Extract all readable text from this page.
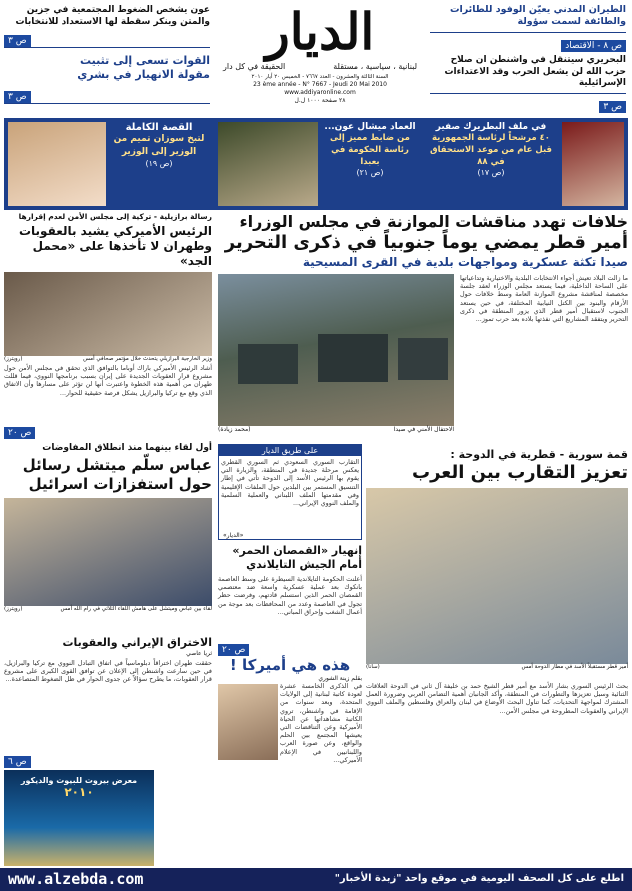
الطيران المدني يعيّن الوفود للطائرات
والطائفة لسمت سؤولة
ص ٨ - الاقتصاد
البحريري سيتنقل في واشنطن ان صلاح حزب الله لن يشعل الحرب وقد الاعتداءات الإسرائيلية
ص ٣
الديار
لبنانية ، سياسية ، مستقلة
الحقيقة في كل دار
السنة الثالثة والعشرون - العدد ٧٦٦٧ - الخميس ٢٠ أيار ٢٠١٠
23 ème année - N° 7667 - Jeudi 20 Mai 2010
www.addiyaronline.com
٢٨ صفحة ١٠٠٠ ل.ل
عون يشخص الضغوط المجتمعية في جزين
والمتن وينكر سقطة لها الاستعداد للانتخابات
ص ٣
القوات تسعى إلى تثبيت
مقولة الانهيار في بشري
ص ٣
في ملف البطريرك صفير
٤٠ مرشحاً لرئاسة الجمهورية قبل عام من موعد الاستحقاق في ٨٨
(ص ١٧)
العماد ميشال عون...
من ضابط مميز إلى رئاسة الحكومة في بعبدا
(ص ٢١)
القصة الكاملة
لتبخ سوزان تميم من الوزير إلى الوزير
(ص ١٩)
خلافات تهدد مناقشات الموازنة في مجلس الوزراء
أمير قطر يمضي يوماً جنوبياً في ذكرى التحرير
صيدا تكثة عسكرية ومواجهات بلدية في القرى المسيحية
ما زالت البلاد تعيش أجواء الانتخابات البلدية والاختيارية وتداعياتها على الساحة الداخلية، فيما يستعد مجلس الوزراء لعقد جلسة مخصصة لمناقشة مشروع الموازنة العامة وسط خلافات حول الأرقام والبنود بين الكتل النيابية المختلفة، في حين يستعد الجنوب لاستقبال أمير قطر الذي يزور المنطقة في ذكرى التحرير ويتفقد المشاريع التي نفذتها بلاده بعد حرب تموز...
الاحتفال الأمني في صيدا
(محمد زيادة)
رسالة برازيلية - تركية إلى مجلس الأمن لعدم إقرارها
الرئيس الأميركي يشيد بالعقوبات وطهران لا تأخذها على «محمل الجد»
وزير الخارجية البرازيلي يتحدث خلال مؤتمر صحافي أمس
(رويترز)
أشاد الرئيس الأميركي باراك أوباما بالتوافق الذي تحقق في مجلس الأمن حول مشروع قرار العقوبات الجديدة على إيران بسبب برنامجها النووي، فيما قللت طهران من أهمية هذه الخطوة واعتبرت أنها لن تؤثر على مسارها وأن الاتفاق الذي وقع مع تركيا والبرازيل يشكل فرصة حقيقية للحوار...
ص ٢٠
على طريق الديار
التقارب السوري السعودي ثم السوري القطري يعكس مرحلة جديدة في المنطقة، والزيارة التي يقوم بها الرئيس الأسد إلى الدوحة تأتي في إطار التنسيق المستمر بين البلدين حول الملفات الإقليمية وفي مقدمتها الملف اللبناني والعملية السلمية والملف النووي الإيراني...
«الديار»
قمة سورية - قطرية في الدوحة :
تعزيز التقارب بين العرب
أمير قطر مستقبلاً الأسد في مطار الدوحة أمس
(سانا)
أول لقاء بينهما منذ انطلاق المفاوضات
عباس سلّم ميتشل رسائل حول استفزازات اسرائيل
لقاء بين عباس وميتشل على هامش اللقاء الثلاثي في رام الله أمس
(رويترز)
إنهيار «القمصان الحمر» أمام الجيش التايلاندي
أعلنت الحكومة التايلاندية السيطرة على وسط العاصمة بانكوك بعد عملية عسكرية واسعة ضد معتصمي القمصان الحمر الذين استسلم قادتهم، وفرضت حظر تجول في العاصمة وعدد من المحافظات بعد موجة من أعمال الشغب وإحراق المباني...
ص ٢٠
بحث الرئيس السوري بشار الأسد مع أمير قطر الشيخ حمد بن خليفة آل ثاني في الدوحة العلاقات الثنائية وسبل تعزيزها والتطورات في المنطقة، وأكد الجانبان أهمية التضامن العربي وضرورة العمل المشترك لمواجهة التحديات، كما تناول البحث الأوضاع في لبنان والعراق وفلسطين والملف النووي الإيراني والعقوبات المطروحة في مجلس الأمن...
هذه هي أميركا !
بقلم زينة الشوري
في الذكرى الخامسة عشرة لعودة كاتبة لبنانية إلى الولايات المتحدة، وبعد سنوات من الإقامة في واشنطن، تروي الكاتبة مشاهداتها عن الحياة الأميركية وعن التناقضات التي يعيشها المجتمع بين الحلم والواقع، وعن صورة العرب واللبنانيين في الإعلام الأميركي...
الاختراق الإيراني والعقوبات
ثريا عاصي
حققت طهران اختراقاً دبلوماسياً في اتفاق التبادل النووي مع تركيا والبرازيل، في حين سارعت واشنطن إلى الإعلان عن توافق القوى الكبرى على مشروع قرار العقوبات، ما يطرح سؤالاً عن جدوى الحوار في ظل الضغوط المتصاعدة...
ص ٦
معرض بيروت للبيوت والديكور
٢٠١٠
www.alzebda.com	اطلع على كل الصحف اليومية في موقع واحد "زبدة الأخبار"
